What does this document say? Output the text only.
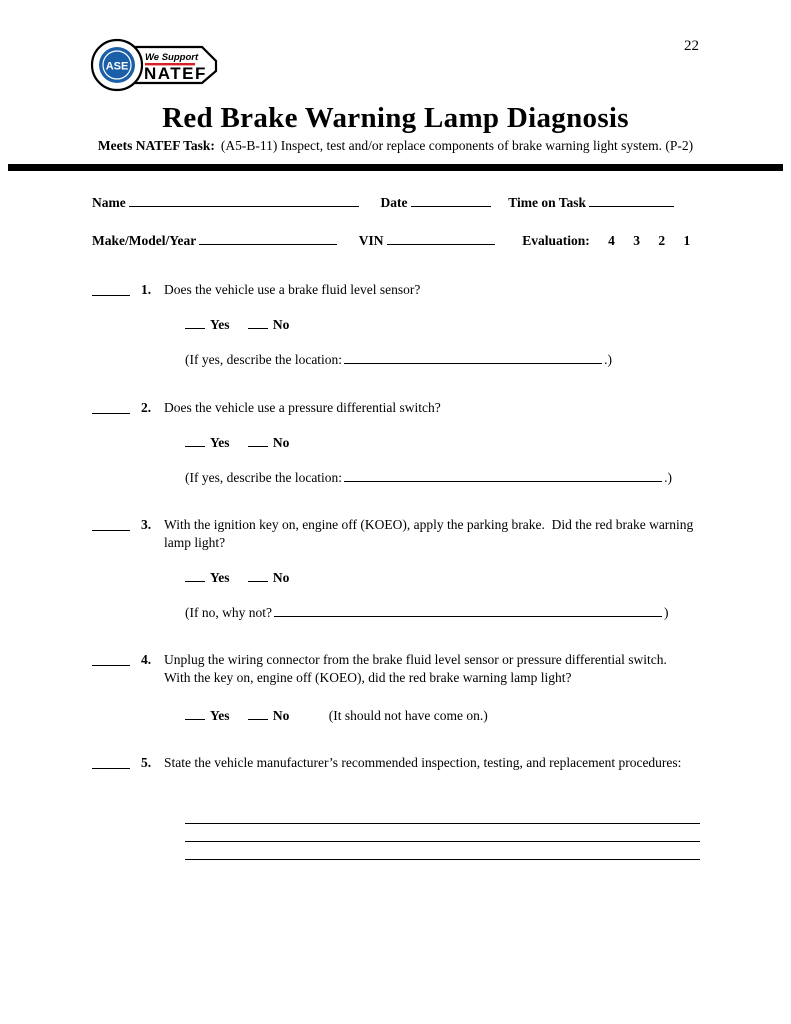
ASE
We Support
NATEF
22
Red Brake Warning Lamp Diagnosis
Meets NATEF Task: (A5-B-11) Inspect, test and/or replace components of brake warning light system. (P-2)
Name	Date	Time on Task
Make/Model/Year	VIN	Evaluation: 4 3 2 1
1. Does the vehicle use a brake fluid level sensor?
Yes	No
(If yes, describe the location:	.)
2. Does the vehicle use a pressure differential switch?
Yes	No
(If yes, describe the location:	.)
3. With the ignition key on, engine off (KOEO), apply the parking brake.  Did the red brake warning lamp light?
Yes	No
(If no, why not?	)
4. Unplug the wiring connector from the brake fluid level sensor or pressure differential switch.  With the key on, engine off (KOEO), did the red brake warning lamp light?
Yes	No	(It should not have come on.)
5. State the vehicle manufacturer’s recommended inspection, testing, and replacement procedures:
